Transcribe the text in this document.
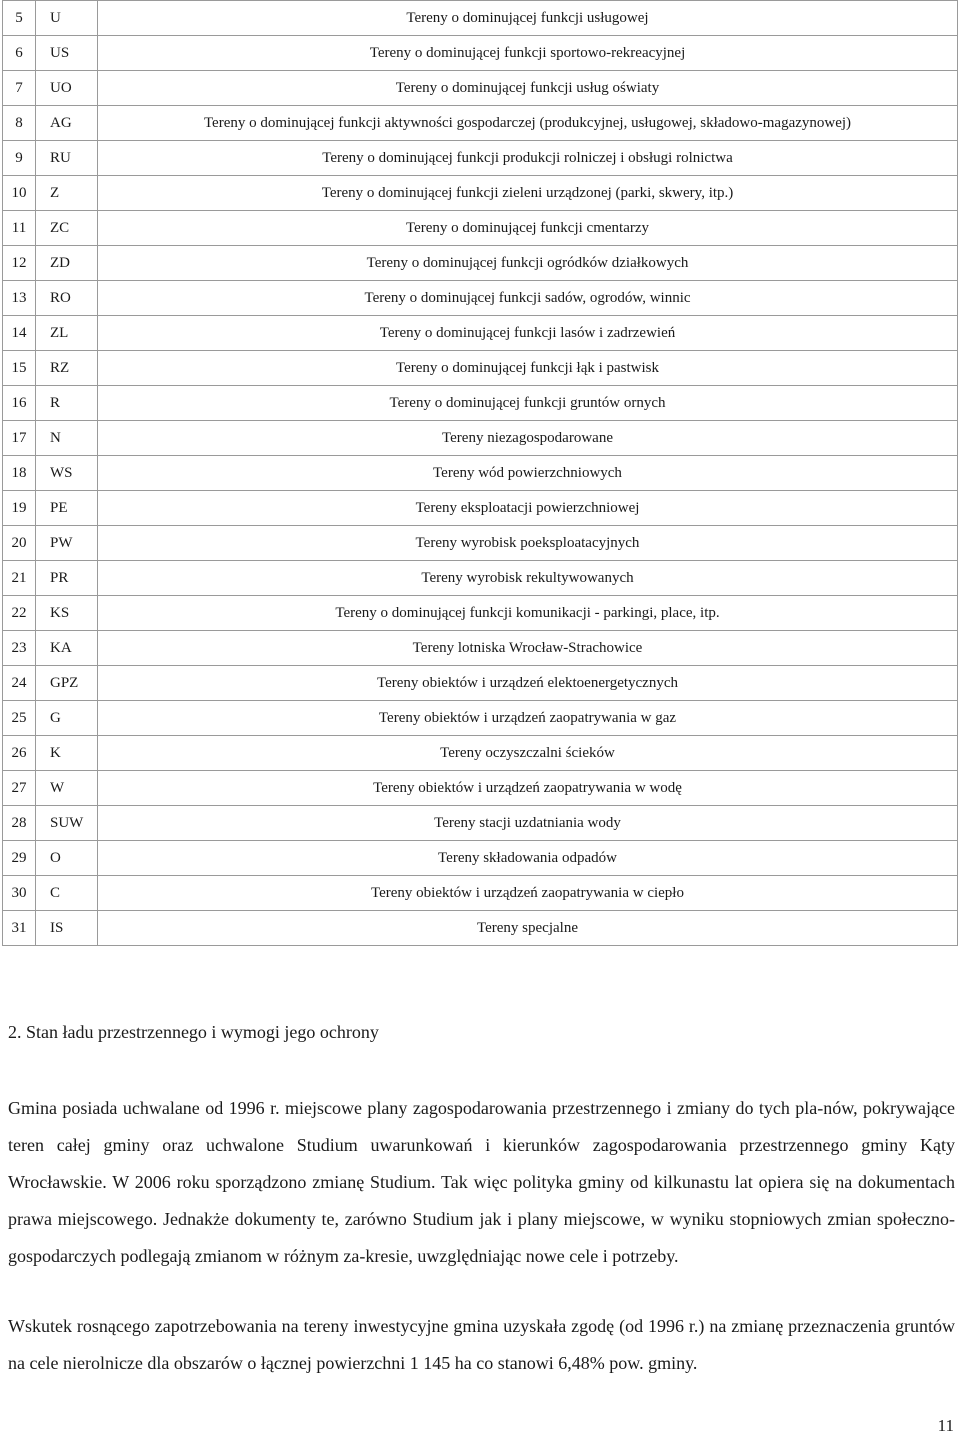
5	U	Tereny o dominującej funkcji usługowej
6	US	Tereny o dominującej funkcji sportowo-rekreacyjnej
7	UO	Tereny o dominującej funkcji usług oświaty
8	AG	Tereny o dominującej funkcji aktywności gospodarczej (produkcyjnej, usługowej, składowo-magazynowej)
9	RU	Tereny o dominującej funkcji produkcji rolniczej i obsługi rolnictwa
10	Z	Tereny o dominującej funkcji zieleni urządzonej (parki, skwery, itp.)
11	ZC	Tereny o dominującej funkcji cmentarzy
12	ZD	Tereny o dominującej funkcji ogródków działkowych
13	RO	Tereny o dominującej funkcji sadów, ogrodów, winnic
14	ZL	Tereny o dominującej funkcji lasów i zadrzewień
15	RZ	Tereny o dominującej funkcji łąk i pastwisk
16	R	Tereny o dominującej funkcji gruntów ornych
17	N	Tereny niezagospodarowane
18	WS	Tereny wód powierzchniowych
19	PE	Tereny eksploatacji powierzchniowej
20	PW	Tereny wyrobisk poeksploatacyjnych
21	PR	Tereny wyrobisk rekultywowanych
22	KS	Tereny o dominującej funkcji komunikacji - parkingi, place, itp.
23	KA	Tereny lotniska Wrocław-Strachowice
24	GPZ	Tereny obiektów i urządzeń elektoenergetycznych
25	G	Tereny obiektów i urządzeń zaopatrywania w gaz
26	K	Tereny oczyszczalni ścieków
27	W	Tereny obiektów i urządzeń zaopatrywania w wodę
28	SUW	Tereny stacji uzdatniania wody
29	O	Tereny składowania odpadów
30	C	Tereny obiektów i urządzeń zaopatrywania w ciepło
31	IS	Tereny specjalne
2. Stan ładu przestrzennego i wymogi jego ochrony

Gmina posiada uchwalane od 1996 r. miejscowe plany zagospodarowania przestrzennego i zmiany do tych pla-nów, pokrywające teren całej gminy oraz uchwalone Studium uwarunkowań i kierunków zagospodarowania przestrzennego gminy Kąty Wrocławskie. W 2006 roku sporządzono zmianę Studium. Tak więc polityka gminy od kilkunastu lat opiera się na dokumentach prawa miejscowego. Jednakże dokumenty te, zarówno Studium jak i plany miejscowe, w wyniku stopniowych zmian społeczno-gospodarczych podlegają zmianom w różnym za-kresie, uwzględniając nowe cele i potrzeby.

Wskutek rosnącego zapotrzebowania na tereny inwestycyjne gmina uzyskała zgodę (od 1996 r.) na zmianę przeznaczenia gruntów na cele nierolnicze dla obszarów o łącznej powierzchni 1 145 ha co stanowi 6,48% pow. gminy.

11
